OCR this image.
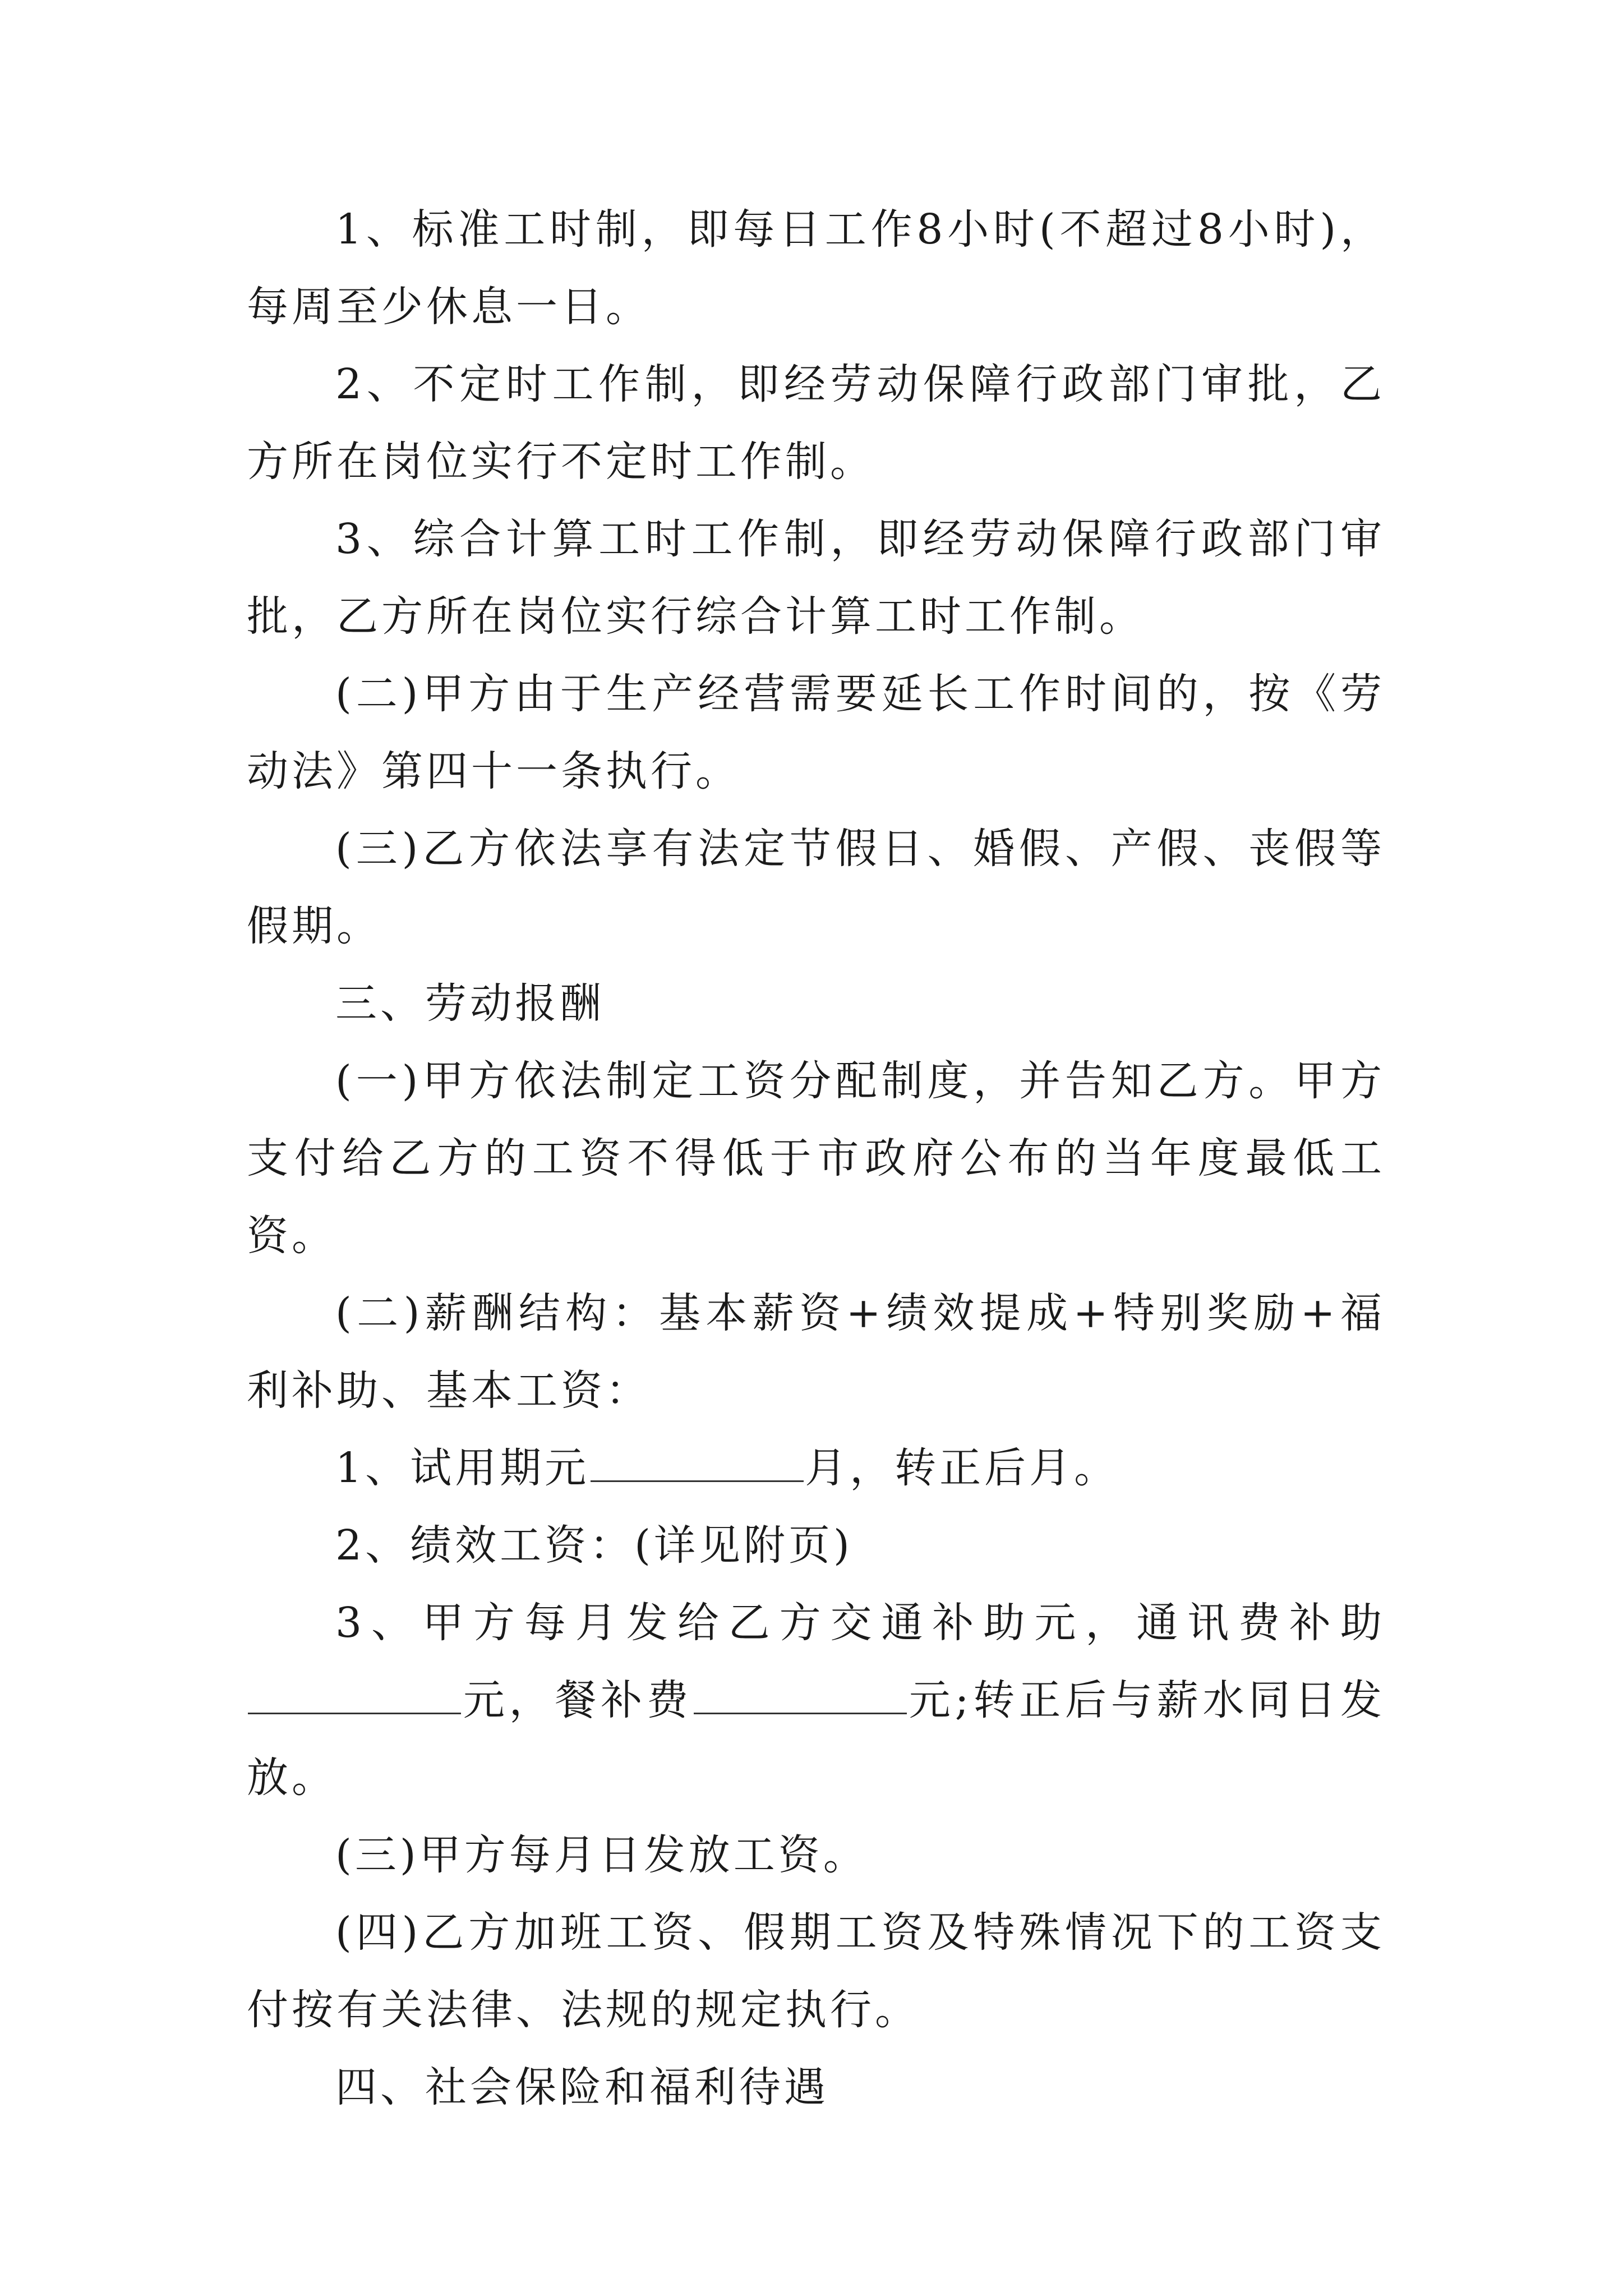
1、标准工时制，即每日工作8小时(不超过8小时)，每周至少休息一日。

2、不定时工作制，即经劳动保障行政部门审批，乙方所在岗位实行不定时工作制。

3、综合计算工时工作制，即经劳动保障行政部门审批，乙方所在岗位实行综合计算工时工作制。

(二)甲方由于生产经营需要延长工作时间的，按《劳动法》第四十一条执行。

(三)乙方依法享有法定节假日、婚假、产假、丧假等假期。

三、劳动报酬

(一)甲方依法制定工资分配制度，并告知乙方。甲方支付给乙方的工资不得低于市政府公布的当年度最低工资。

(二)薪酬结构：基本薪资+绩效提成+特别奖励+福利补助、基本工资：

1、试用期元	月，转正后月。

2、绩效工资：(详见附页)

3、甲方每月发给乙方交通补助元，通讯费补助元，餐补费	元;转正后与薪水同日发放。

(三)甲方每月日发放工资。

(四)乙方加班工资、假期工资及特殊情况下的工资支付按有关法律、法规的规定执行。

四、社会保险和福利待遇
